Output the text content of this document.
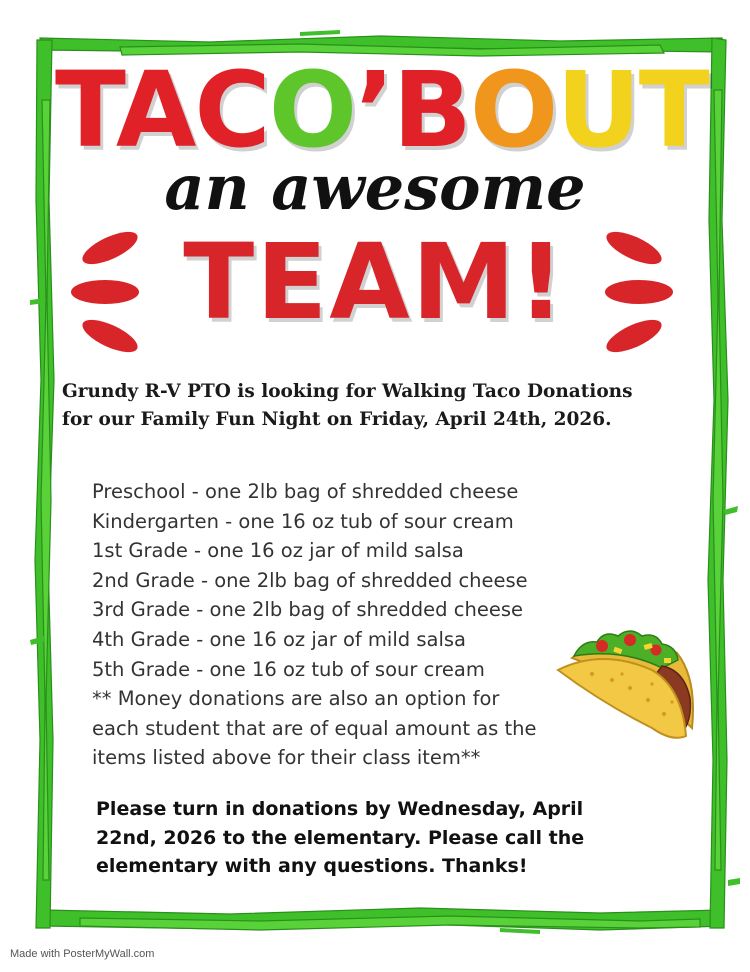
TACO’BOUT
an awesome
TEAM!
Grundy R-V PTO is looking for Walking Taco Donations
for our Family Fun Night on Friday, April 24th, 2026.
Preschool - one 2lb bag of shredded cheese
Kindergarten - one 16 oz tub of sour cream
1st Grade - one 16 oz jar of mild salsa
2nd Grade - one 2lb bag of shredded cheese
3rd Grade - one 2lb bag of shredded cheese
4th Grade - one 16 oz jar of mild salsa
5th Grade - one 16 oz tub of sour cream
** Money donations are also an option for
each student that are of equal amount as the
items listed above for their class item**
Please turn in donations by Wednesday, April
22nd, 2026 to the elementary. Please call the
elementary with any questions. Thanks!
Made with PosterMyWall.com
